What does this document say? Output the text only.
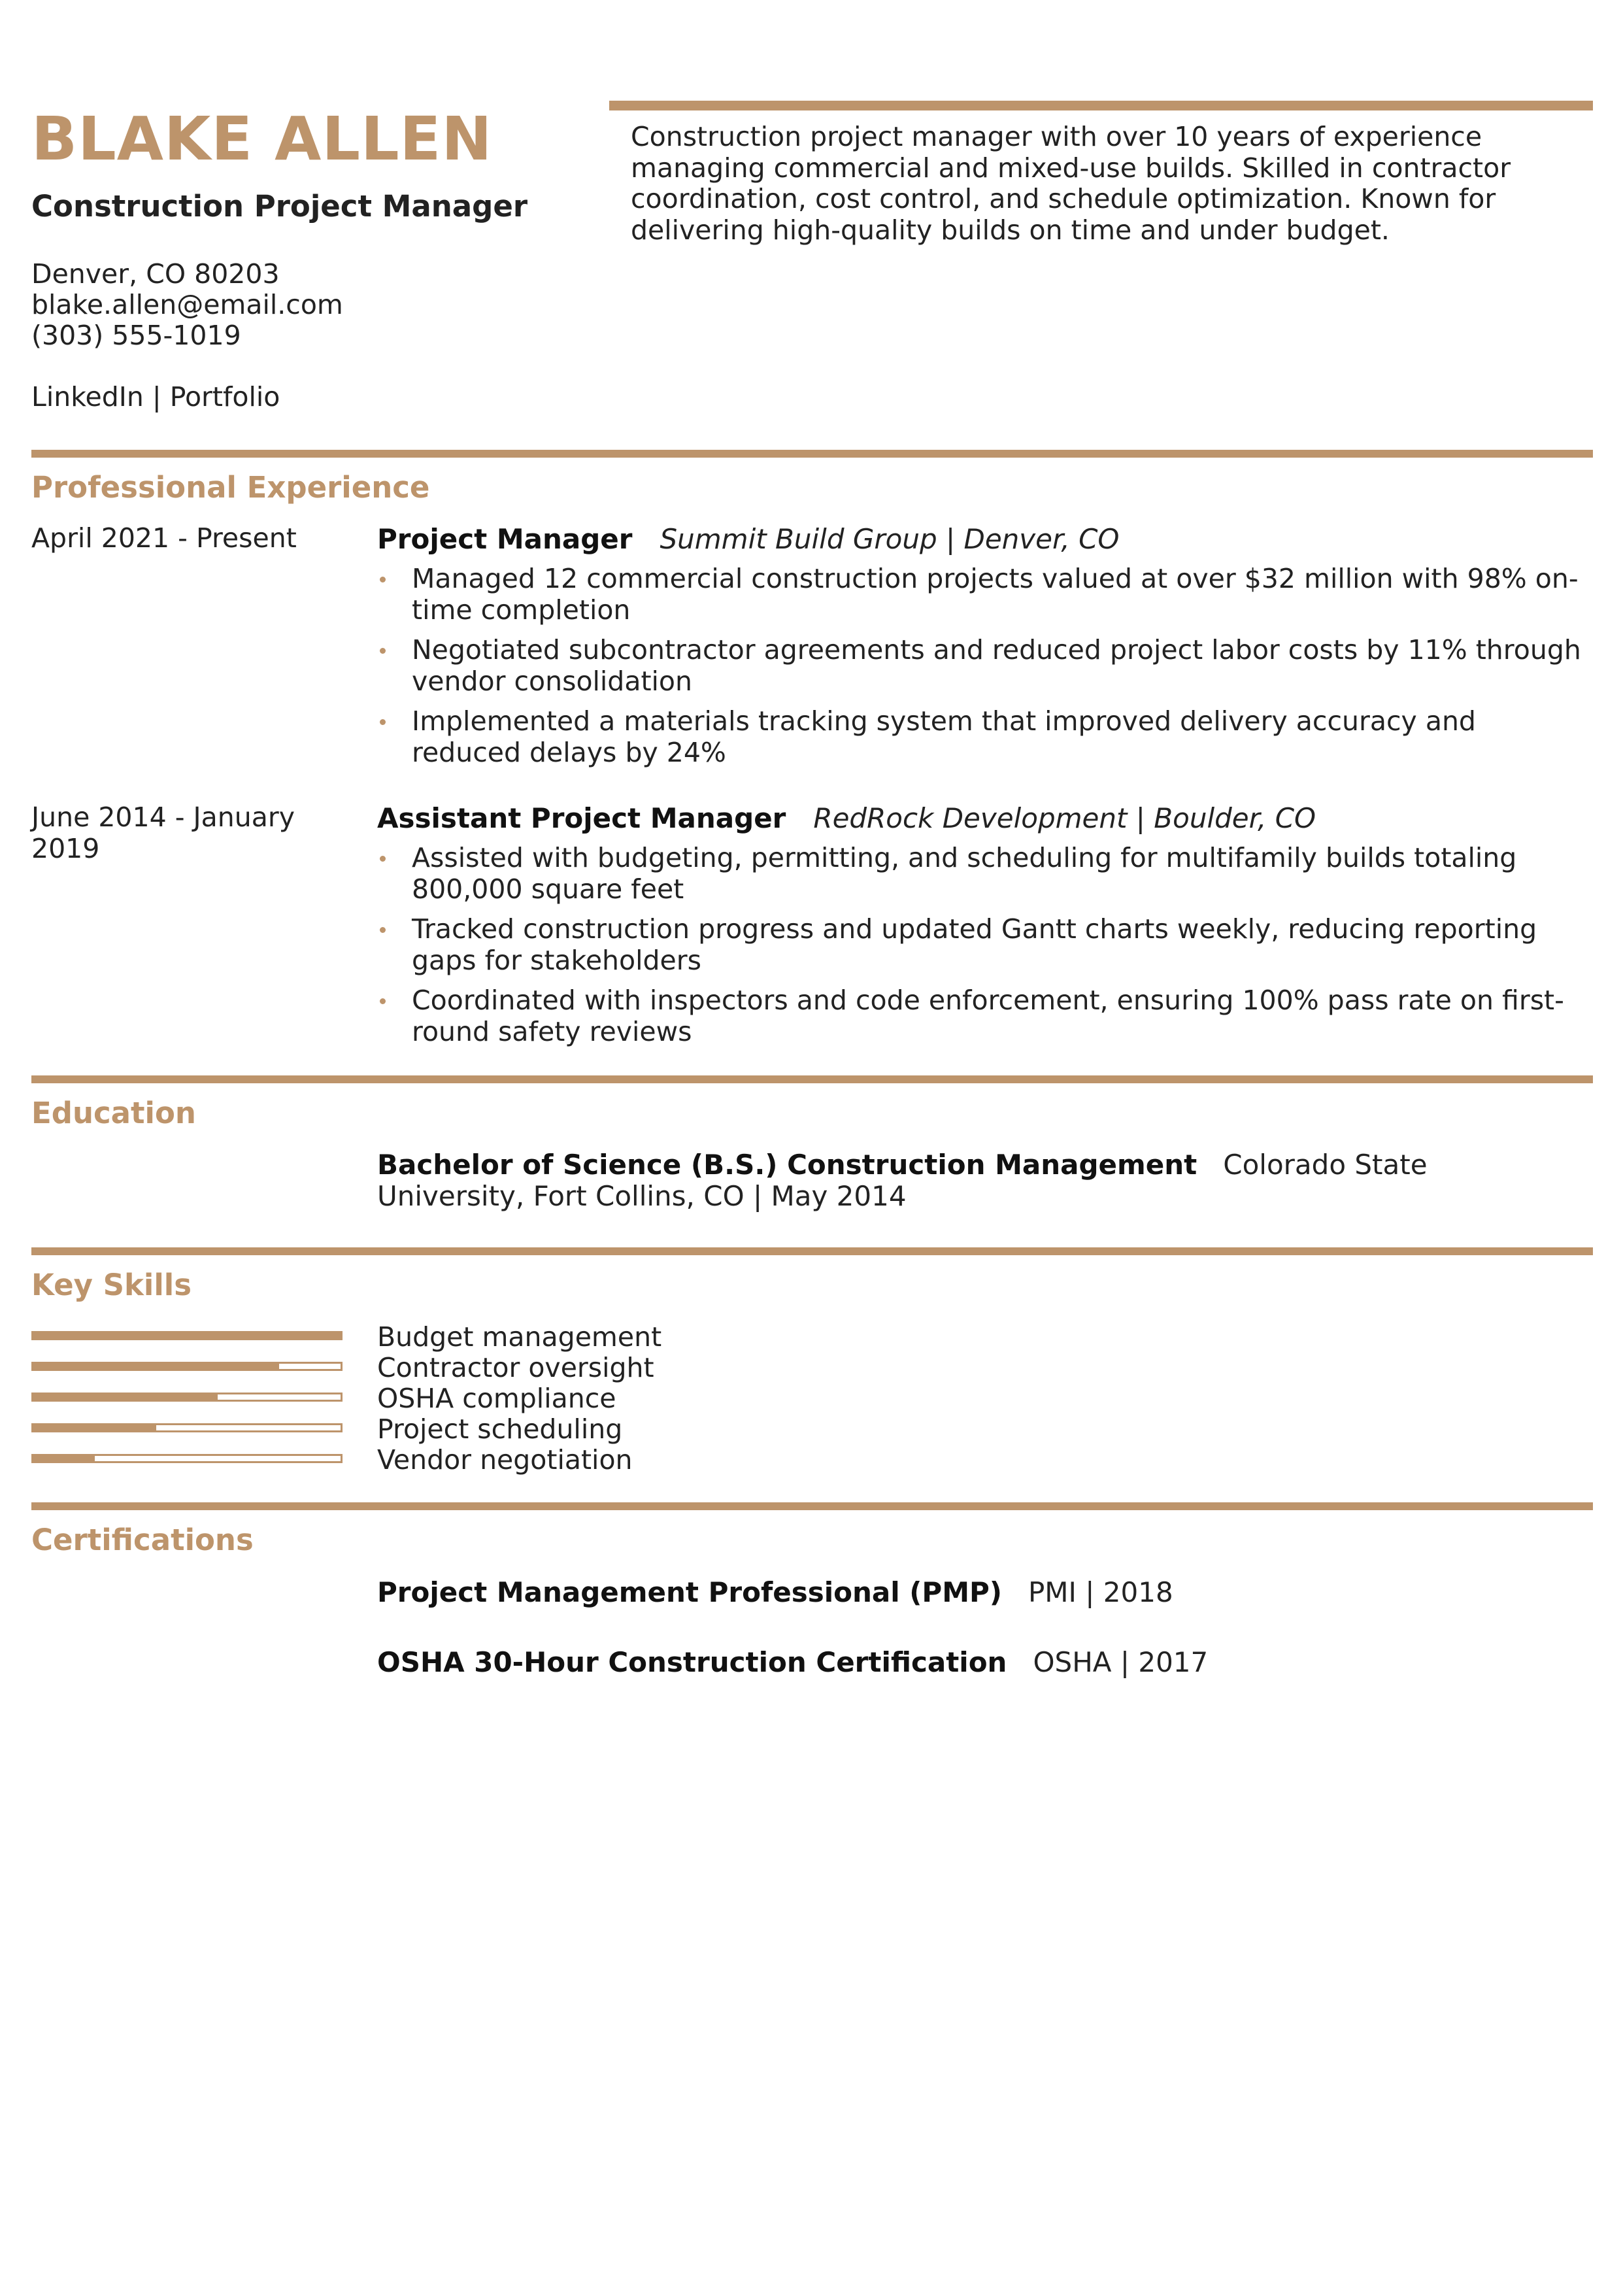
BLAKE ALLEN
Construction Project Manager
Denver, CO 80203
blake.allen@email.com
(303) 555-1019
LinkedIn | Portfolio
Construction project manager with over 10 years of experience managing commercial and mixed-use builds. Skilled in contractor coordination, cost control, and schedule optimization. Known for delivering high-quality builds on time and under budget.
Professional Experience
April 2021 - Present	Project Manager Summit Build Group | Denver, CO
Managed 12 commercial construction projects valued at over $32 million with 98% on-time completion
Negotiated subcontractor agreements and reduced project labor costs by 11% through vendor consolidation
Implemented a materials tracking system that improved delivery accuracy and reduced delays by 24%
June 2014 - January 2019
Assistant Project Manager RedRock Development | Boulder, CO
Assisted with budgeting, permitting, and scheduling for multifamily builds totaling 800,000 square feet
Tracked construction progress and updated Gantt charts weekly, reducing reporting gaps for stakeholders
Coordinated with inspectors and code enforcement, ensuring 100% pass rate on first-round safety reviews
Education
Bachelor of Science (B.S.) Construction Management Colorado State University, Fort Collins, CO | May 2014
Key Skills
Budget management
Contractor oversight
OSHA compliance
Project scheduling
Vendor negotiation
Certifications
Project Management Professional (PMP) PMI | 2018
OSHA 30-Hour Construction Certification OSHA | 2017
